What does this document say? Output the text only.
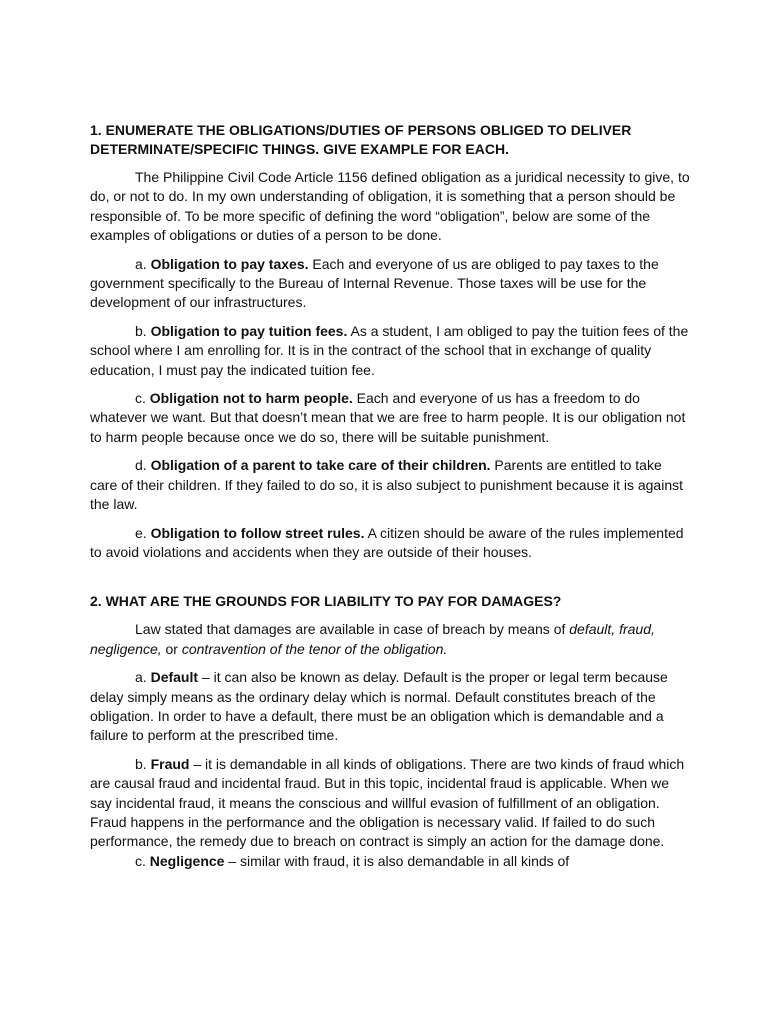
1. ENUMERATE THE OBLIGATIONS/DUTIES OF PERSONS OBLIGED TO DELIVER DETERMINATE/SPECIFIC THINGS. GIVE EXAMPLE FOR EACH.

The Philippine Civil Code Article 1156 defined obligation as a juridical necessity to give, to do, or not to do. In my own understanding of obligation, it is something that a person should be responsible of. To be more specific of defining the word “obligation”, below are some of the examples of obligations or duties of a person to be done.

a. Obligation to pay taxes. Each and everyone of us are obliged to pay taxes to the government specifically to the Bureau of Internal Revenue. Those taxes will be use for the development of our infrastructures.

b. Obligation to pay tuition fees. As a student, I am obliged to pay the tuition fees of the school where I am enrolling for. It is in the contract of the school that in exchange of quality education, I must pay the indicated tuition fee.

c. Obligation not to harm people. Each and everyone of us has a freedom to do whatever we want. But that doesn’t mean that we are free to harm people. It is our obligation not to harm people because once we do so, there will be suitable punishment.

d. Obligation of a parent to take care of their children. Parents are entitled to take care of their children. If they failed to do so, it is also subject to punishment because it is against the law.

e. Obligation to follow street rules. A citizen should be aware of the rules implemented to avoid violations and accidents when they are outside of their houses.

2. WHAT ARE THE GROUNDS FOR LIABILITY TO PAY FOR DAMAGES?

Law stated that damages are available in case of breach by means of default, fraud, negligence, or contravention of the tenor of the obligation.

a. Default – it can also be known as delay. Default is the proper or legal term because delay simply means as the ordinary delay which is normal. Default constitutes breach of the obligation. In order to have a default, there must be an obligation which is demandable and a failure to perform at the prescribed time.

b. Fraud – it is demandable in all kinds of obligations. There are two kinds of fraud which are causal fraud and incidental fraud. But in this topic, incidental fraud is applicable. When we say incidental fraud, it means the conscious and willful evasion of fulfillment of an obligation. Fraud happens in the performance and the obligation is necessary valid. If failed to do such performance, the remedy due to breach on contract is simply an action for the damage done.

c. Negligence – similar with fraud, it is also demandable in all kinds of
